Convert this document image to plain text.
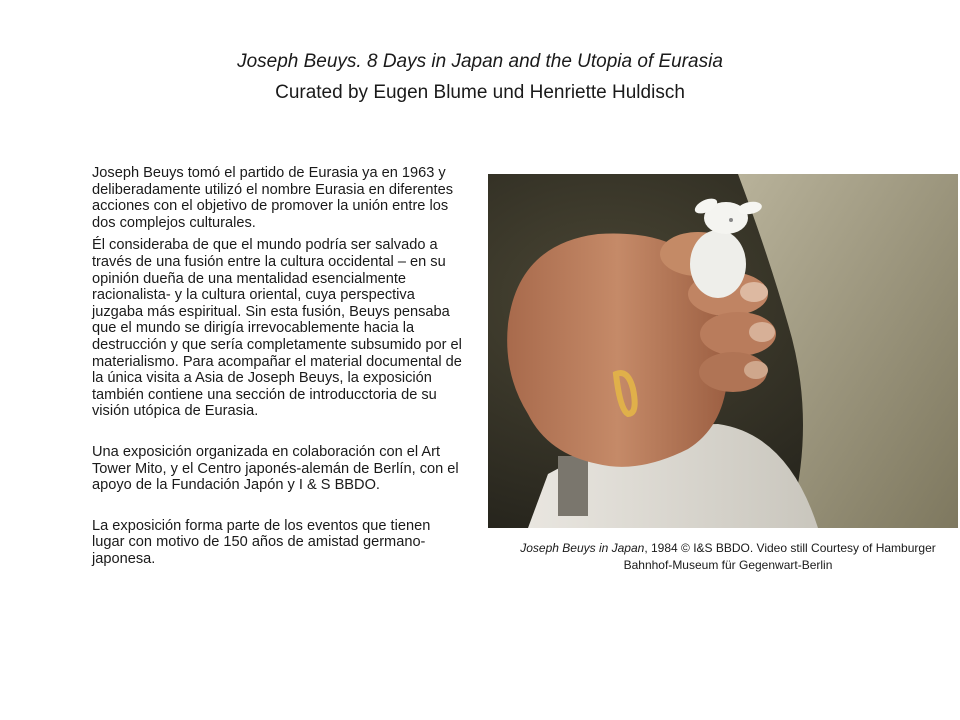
Joseph Beuys. 8 Days in Japan and the Utopia of Eurasia
Curated by Eugen Blume und Henriette Huldisch

Joseph Beuys tomó el partido de Eurasia ya en 1963 y deliberadamente utilizó el nombre Eurasia en diferentes acciones con el objetivo de promover la unión entre los dos complejos culturales.

Él consideraba de que el mundo podría ser salvado a través de una fusión entre la cultura occidental – en su opinión dueña de una mentalidad esencialmente racionalista- y la cultura oriental, cuya perspectiva juzgaba más espiritual. Sin esta fusión, Beuys pensaba que el mundo se dirigía irrevocablemente hacia la destrucción y que sería completamente subsumido por el materialismo. Para acompañar el material documental de la única visita a Asia de Joseph Beuys, la exposición también contiene una sección de introducctoria de su visión utópica de Eurasia.

Una exposición organizada en colaboración con el Art Tower Mito, y el Centro japonés-alemán de Berlín, con el apoyo de la Fundación Japón y I & S BBDO.

La exposición forma parte de los eventos que tienen lugar con motivo de 150 años de amistad germano-japonesa.

Joseph Beuys in Japan, 1984 © I&S BBDO. Video still Courtesy of Hamburger Bahnhof-Museum für Gegenwart-Berlin
